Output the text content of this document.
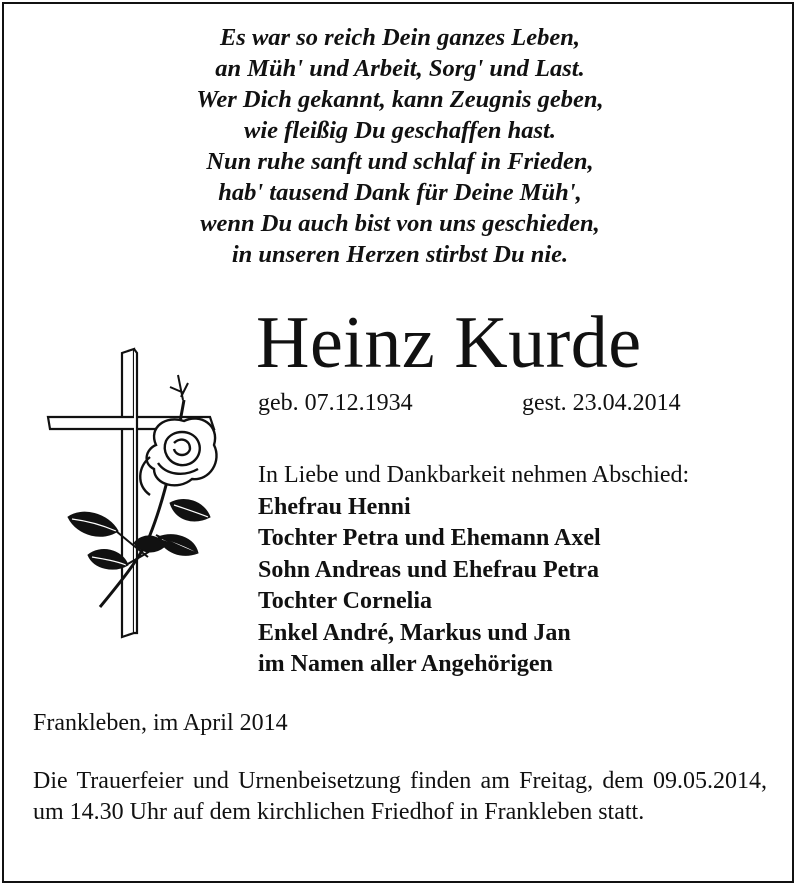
Es war so reich Dein ganzes Leben,
an Müh' und Arbeit, Sorg' und Last.
Wer Dich gekannt, kann Zeugnis geben,
wie fleißig Du geschaffen hast.
Nun ruhe sanft und schlaf in Frieden,
hab' tausend Dank für Deine Müh',
wenn Du auch bist von uns geschieden,
in unseren Herzen stirbst Du nie.
Heinz Kurde
geb. 07.12.1934	gest. 23.04.2014
In Liebe und Dankbarkeit nehmen Abschied:
Ehefrau Henni
Tochter Petra und Ehemann Axel
Sohn Andreas und Ehefrau Petra
Tochter Cornelia
Enkel André, Markus und Jan
im Namen aller Angehörigen
Frankleben, im April 2014
Die Trauerfeier und Urnenbeisetzung finden am Freitag, dem 09.05.2014, um 14.30 Uhr auf dem kirchlichen Friedhof in Frankleben statt.
